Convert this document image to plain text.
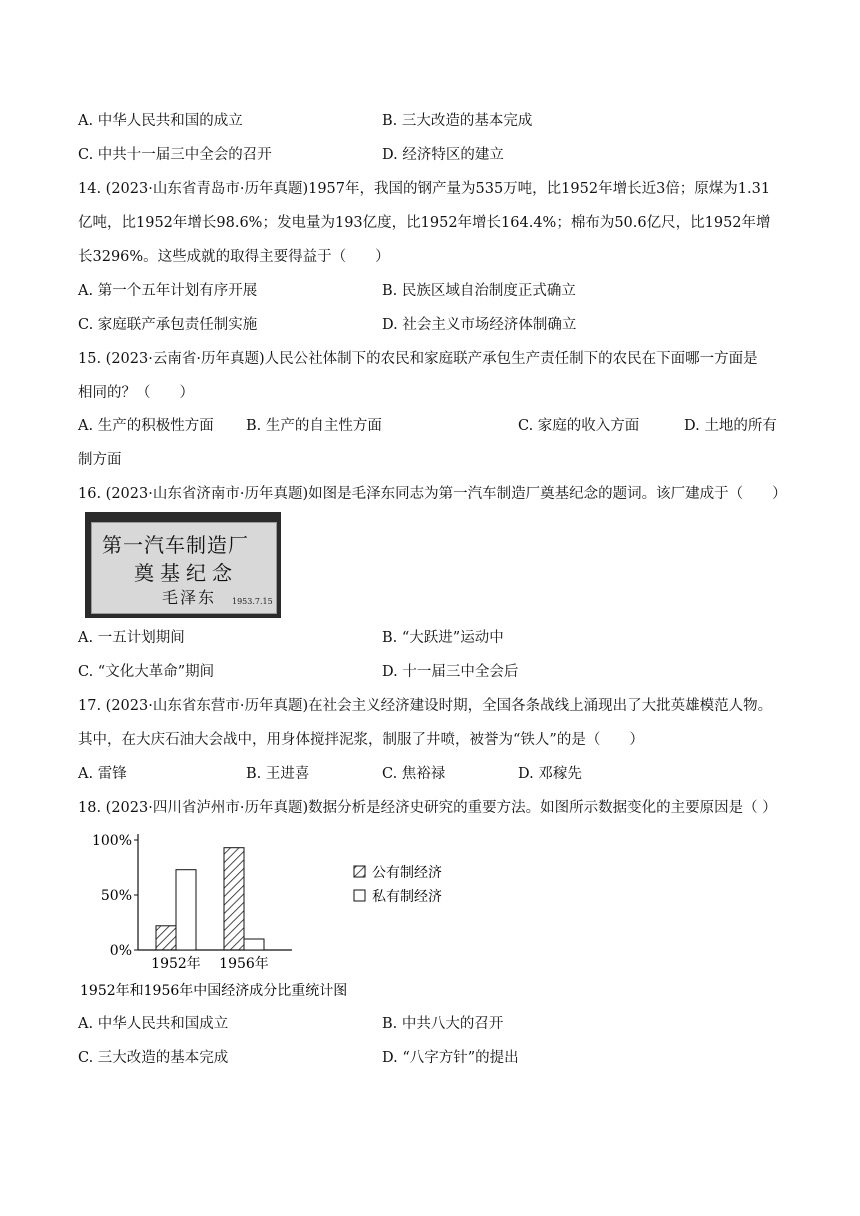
A. 中华人民共和国的成立	B. 三大改造的基本完成
C. 中共十一届三中全会的召开	D. 经济特区的建立
14. (2023·山东省青岛市·历年真题)1957年，我国的钢产量为535万吨，比1952年增长近3倍；原煤为1.31
亿吨，比1952年增长98.6%；发电量为193亿度，比1952年增长164.4%；棉布为50.6亿尺，比1952年增
长3296%。这些成就的取得主要得益于（　　）
A. 第一个五年计划有序开展	B. 民族区域自治制度正式确立
C. 家庭联产承包责任制实施	D. 社会主义市场经济体制确立
15. (2023·云南省·历年真题)人民公社体制下的农民和家庭联产承包生产责任制下的农民在下面哪一方面是
相同的？（　　）
A. 生产的积极性方面 B. 生产的自主性方面	C. 家庭的收入方面	D. 土地的所有
制方面
16. (2023·山东省济南市·历年真题)如图是毛泽东同志为第一汽车制造厂奠基纪念的题词。该厂建成于（　　）
第一汽车制造厂
奠基纪念
毛泽东 1953.7.15
A. 一五计划期间	B. “大跃进”运动中
C. “文化大革命”期间	D. 十一届三中全会后
17. (2023·山东省东营市·历年真题)在社会主义经济建设时期，全国各条战线上涌现出了大批英雄模范人物。
其中，在大庆石油大会战中，用身体搅拌泥浆，制服了井喷，被誉为“铁人”的是（　　）
A. 雷锋	B. 王进喜	C. 焦裕禄	D. 邓稼先
18. (2023·四川省泸州市·历年真题)数据分析是经济史研究的重要方法。如图所示数据变化的主要原因是（ ）
100%
50%
0%
1952年 1956年
公有制经济
私有制经济
1952年和1956年中国经济成分比重统计图
A. 中华人民共和国成立	B. 中共八大的召开
C. 三大改造的基本完成	D. “八字方针”的提出
